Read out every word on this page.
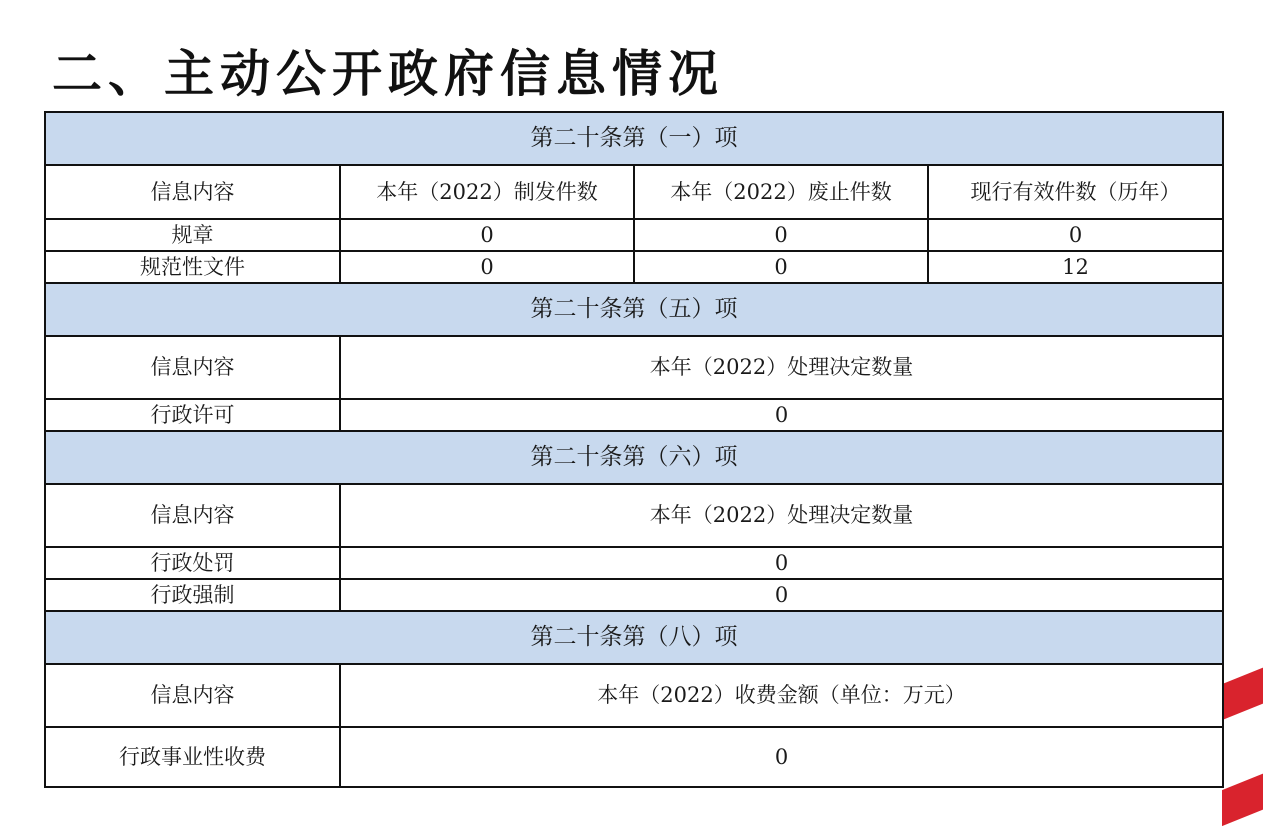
二、主动公开政府信息情况
第二十条第（一）项			
信息内容	本年（2022）制发件数	本年（2022）废止件数	现行有效件数（历年）
规章	0	0	0
规范性文件	0	0	12
第二十条第（五）项			
信息内容	本年（2022）处理决定数量		
行政许可	0		
第二十条第（六）项			
信息内容	本年（2022）处理决定数量		
行政处罚	0		
行政强制	0		
第二十条第（八）项			
信息内容	本年（2022）收费金额（单位：万元）		
行政事业性收费	0		
